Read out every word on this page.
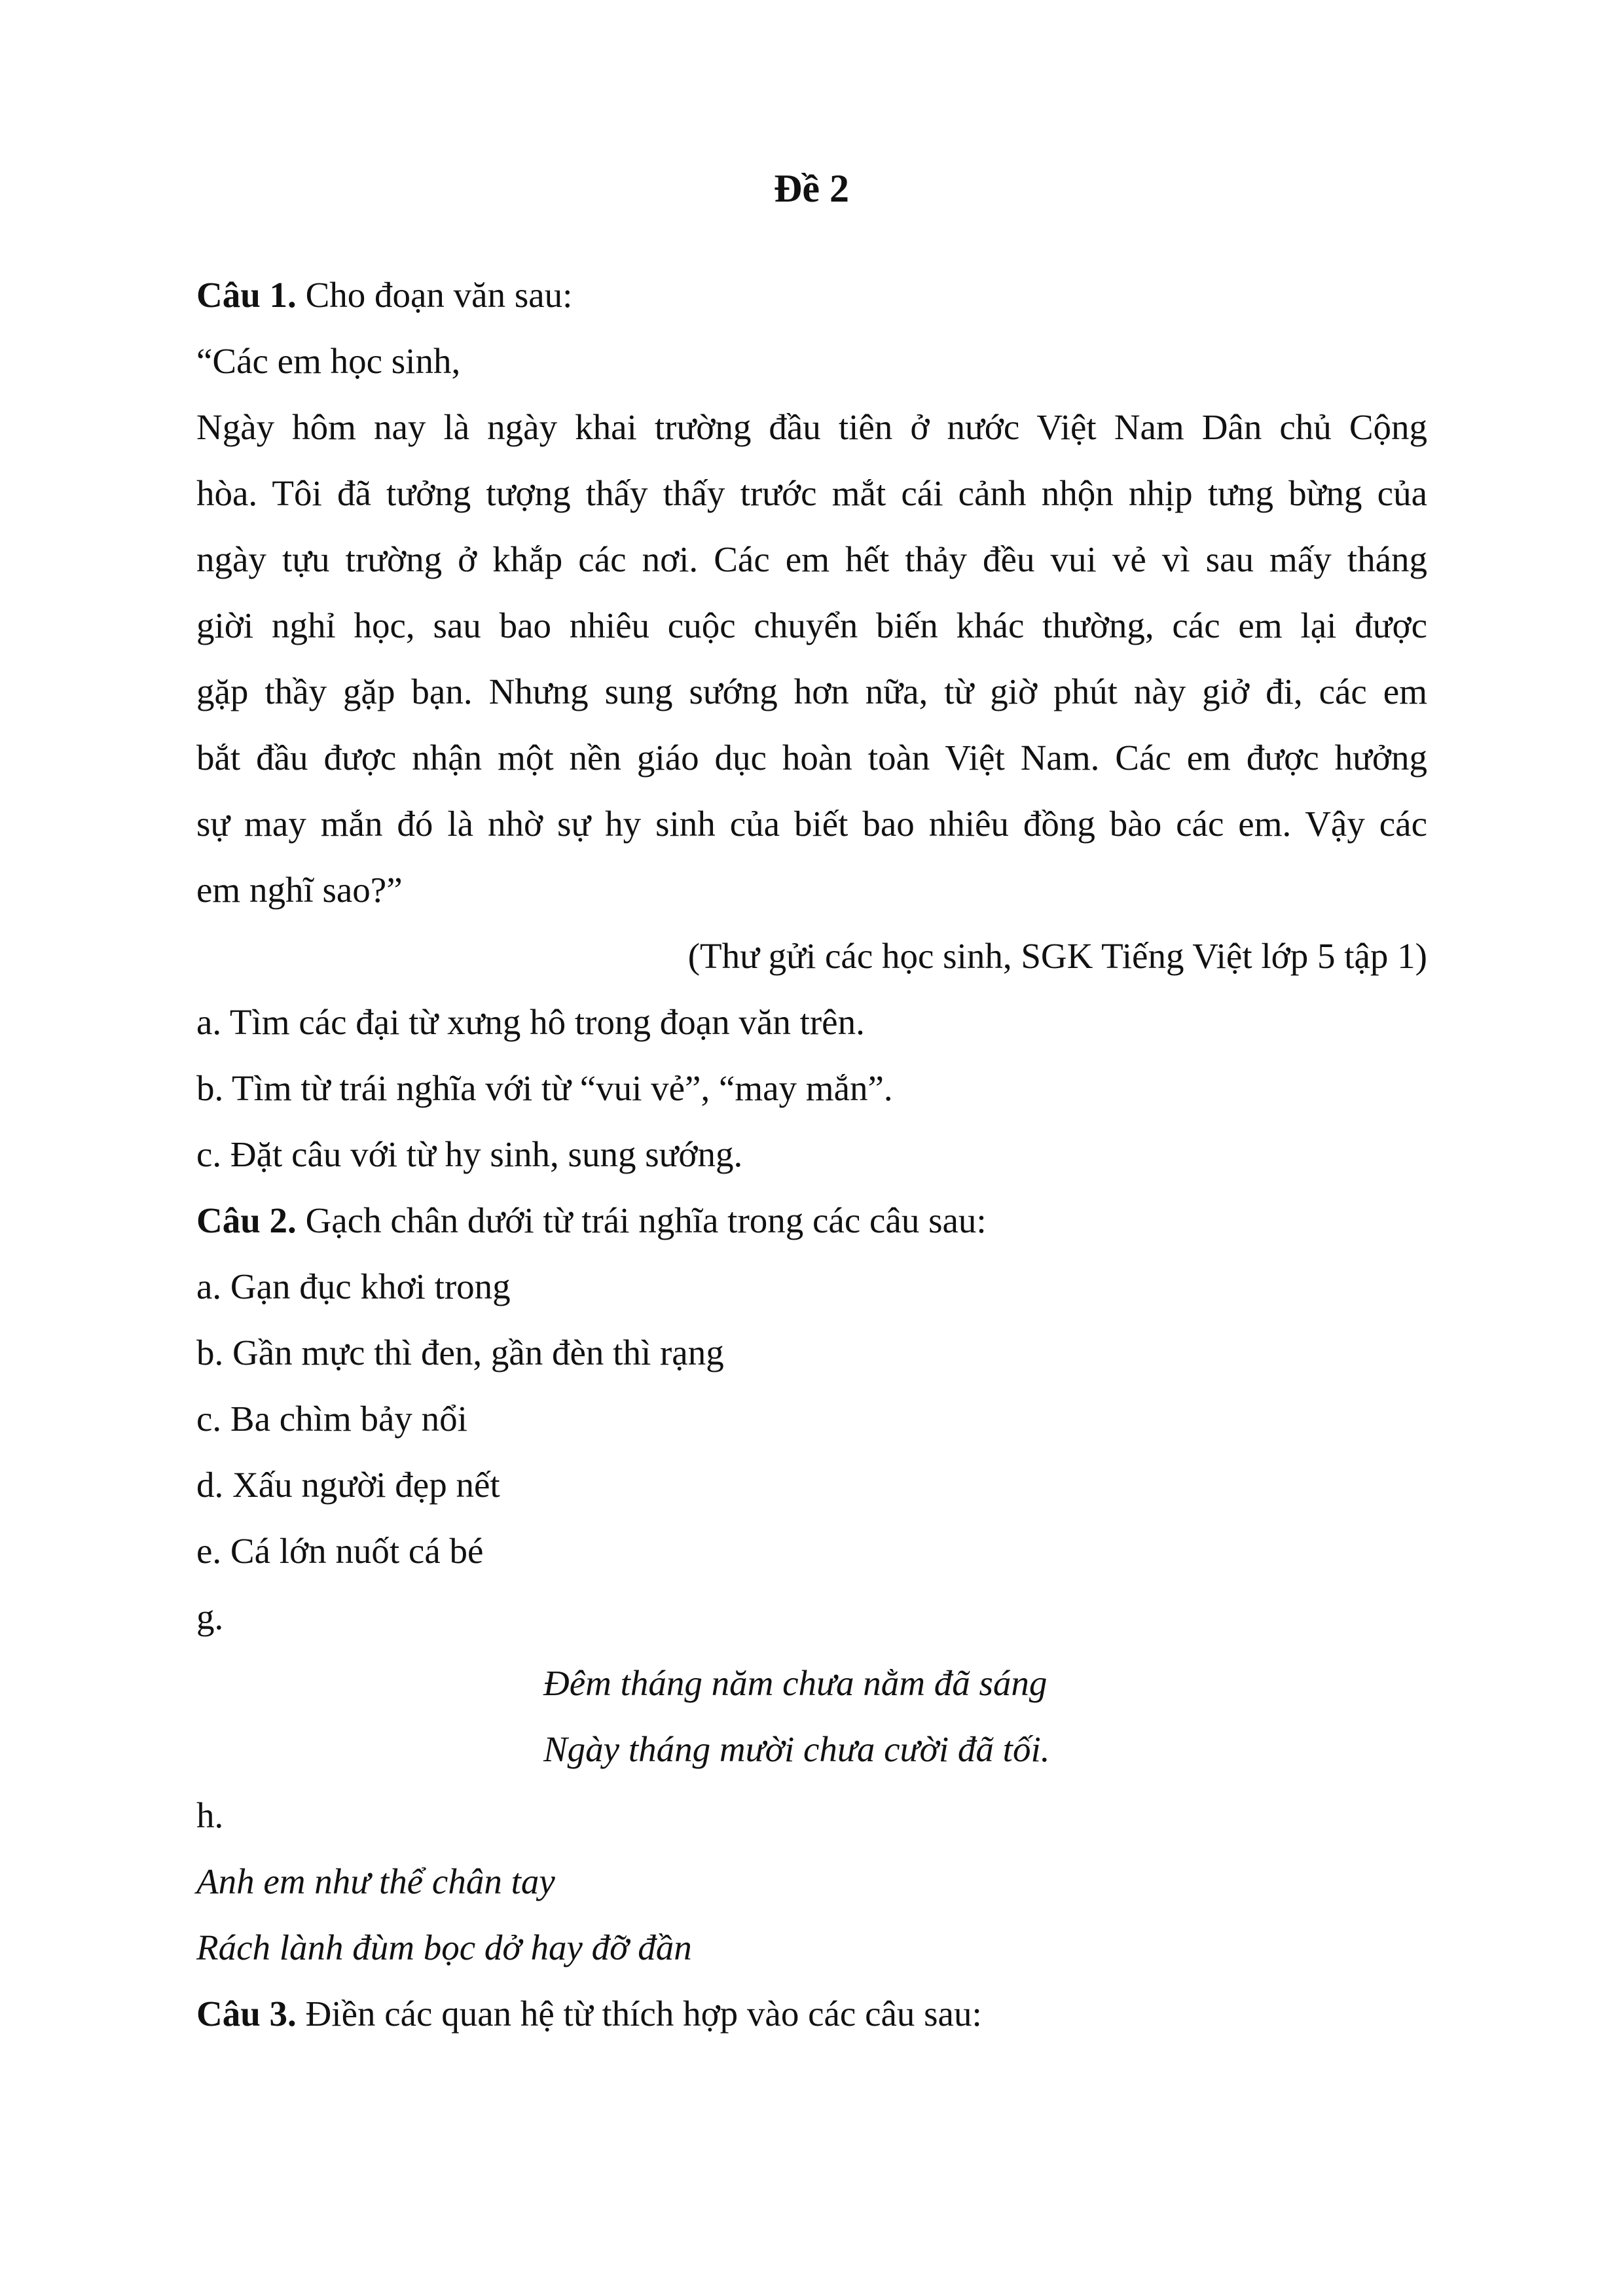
Đề 2
Câu 1. Cho đoạn văn sau:
“Các em học sinh,
Ngày hôm nay là ngày khai trường đầu tiên ở nước Việt Nam Dân chủ Cộng
hòa. Tôi đã tưởng tượng thấy thấy trước mắt cái cảnh nhộn nhịp tưng bừng của
ngày tựu trường ở khắp các nơi. Các em hết thảy đều vui vẻ vì sau mấy tháng
giời nghỉ học, sau bao nhiêu cuộc chuyển biến khác thường, các em lại được
gặp thầy gặp bạn. Nhưng sung sướng hơn nữa, từ giờ phút này giở đi, các em
bắt đầu được nhận một nền giáo dục hoàn toàn Việt Nam. Các em được hưởng
sự may mắn đó là nhờ sự hy sinh của biết bao nhiêu đồng bào các em. Vậy các
em nghĩ sao?”
(Thư gửi các học sinh, SGK Tiếng Việt lớp 5 tập 1)
a. Tìm các đại từ xưng hô trong đoạn văn trên.
b. Tìm từ trái nghĩa với từ “vui vẻ”, “may mắn”.
c. Đặt câu với từ hy sinh, sung sướng.
Câu 2. Gạch chân dưới từ trái nghĩa trong các câu sau:
a. Gạn đục khơi trong
b. Gần mực thì đen, gần đèn thì rạng
c. Ba chìm bảy nổi
d. Xấu người đẹp nết
e. Cá lớn nuốt cá bé
g.
Đêm tháng năm chưa nằm đã sáng
Ngày tháng mười chưa cười đã tối.
h.
Anh em như thể chân tay
Rách lành đùm bọc dở hay đỡ đần
Câu 3. Điền các quan hệ từ thích hợp vào các câu sau:
